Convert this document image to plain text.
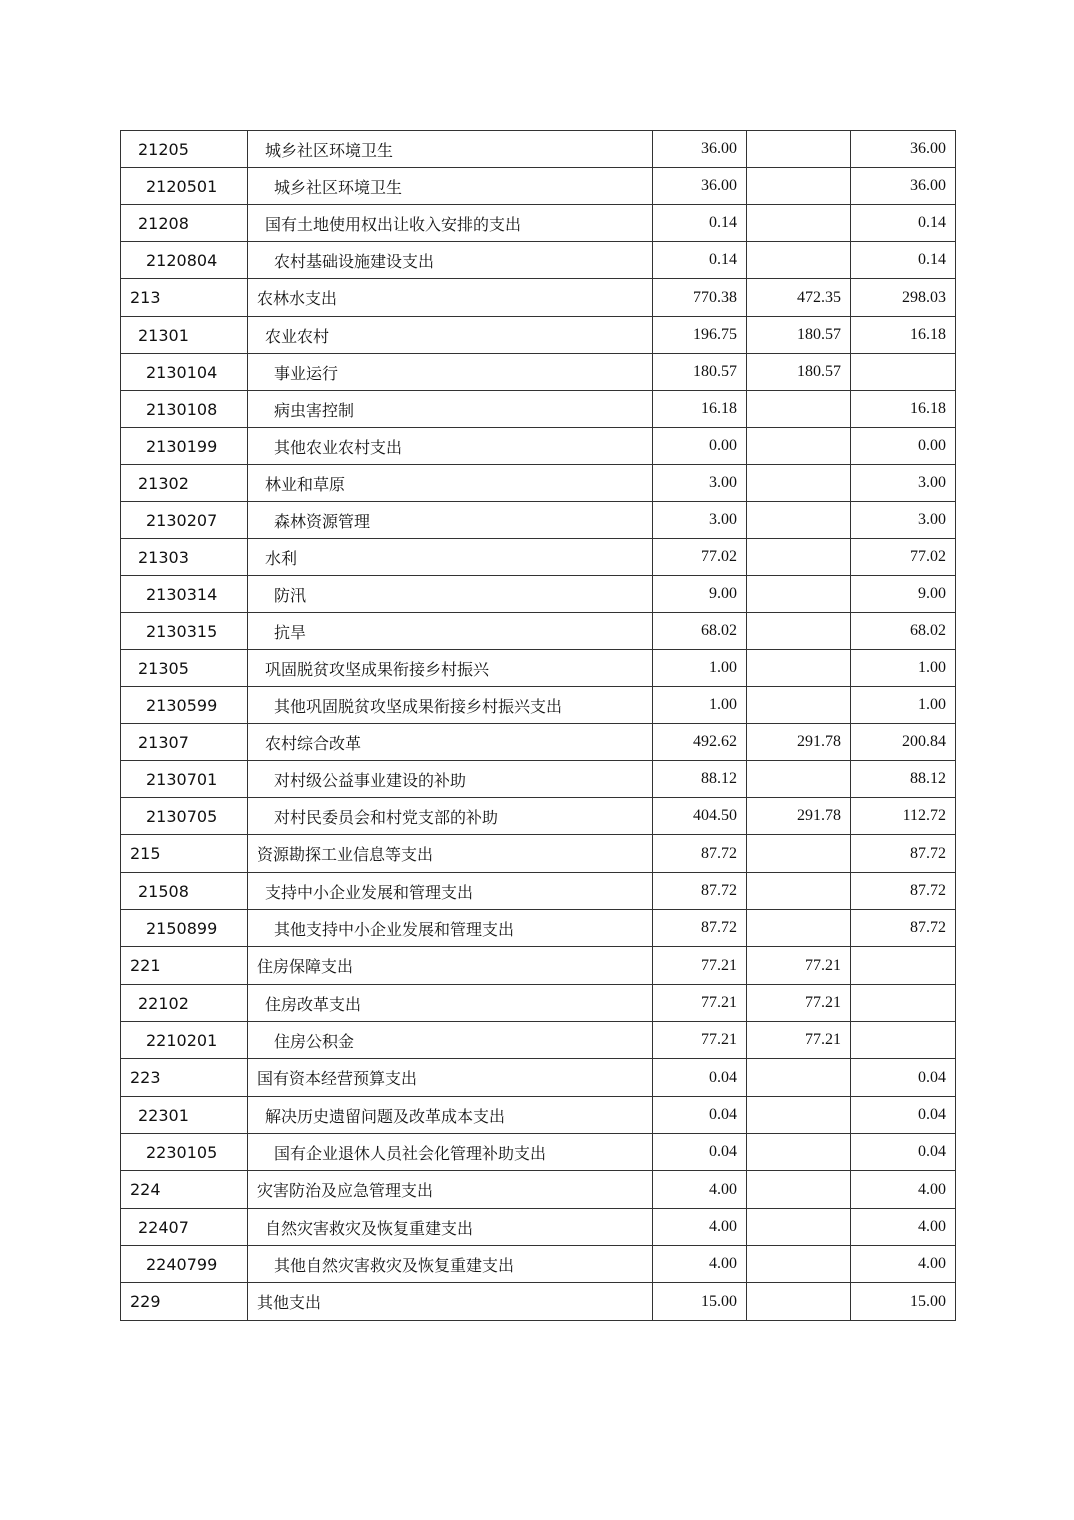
21205	城乡社区环境卫生	36.00		36.00
2120501	城乡社区环境卫生	36.00		36.00
21208	国有土地使用权出让收入安排的支出	0.14		0.14
2120804	农村基础设施建设支出	0.14		0.14
213	农林水支出	770.38	472.35	298.03
21301	农业农村	196.75	180.57	16.18
2130104	事业运行	180.57	180.57	
2130108	病虫害控制	16.18		16.18
2130199	其他农业农村支出	0.00		0.00
21302	林业和草原	3.00		3.00
2130207	森林资源管理	3.00		3.00
21303	水利	77.02		77.02
2130314	防汛	9.00		9.00
2130315	抗旱	68.02		68.02
21305	巩固脱贫攻坚成果衔接乡村振兴	1.00		1.00
2130599	其他巩固脱贫攻坚成果衔接乡村振兴支出	1.00		1.00
21307	农村综合改革	492.62	291.78	200.84
2130701	对村级公益事业建设的补助	88.12		88.12
2130705	对村民委员会和村党支部的补助	404.50	291.78	112.72
215	资源勘探工业信息等支出	87.72		87.72
21508	支持中小企业发展和管理支出	87.72		87.72
2150899	其他支持中小企业发展和管理支出	87.72		87.72
221	住房保障支出	77.21	77.21	
22102	住房改革支出	77.21	77.21	
2210201	住房公积金	77.21	77.21	
223	国有资本经营预算支出	0.04		0.04
22301	解决历史遗留问题及改革成本支出	0.04		0.04
2230105	国有企业退休人员社会化管理补助支出	0.04		0.04
224	灾害防治及应急管理支出	4.00		4.00
22407	自然灾害救灾及恢复重建支出	4.00		4.00
2240799	其他自然灾害救灾及恢复重建支出	4.00		4.00
229	其他支出	15.00		15.00
